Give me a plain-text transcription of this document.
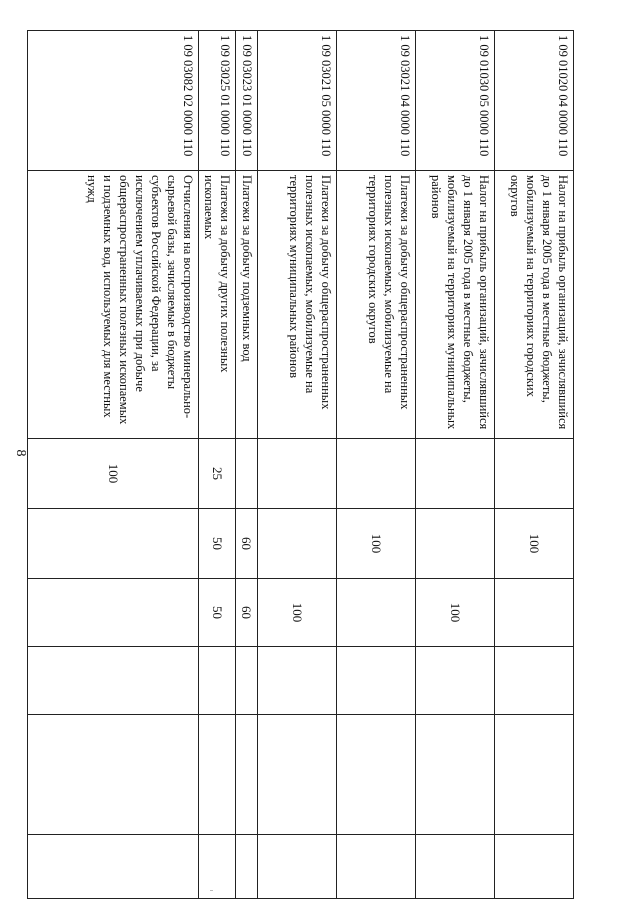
8
1 09 01020 04 0000 110	Налог на прибыль организаций, зачислявшийся до 1 января 2005 года в местные бюджеты, мобилизуемый на территориях городских округов		100				
1 09 01030 05 0000 110	Налог на прибыль организаций, зачислявшийся до 1 января 2005 года в местные бюджеты, мобилизуемый на территориях муниципальных районов			100			
1 09 03021 04 0000 110	Платежи за добычу общераспространенных полезных ископаемых, мобилизуемые на территориях городских округов		100				
1 09 03021 05 0000 110	Платежи за добычу общераспространенных полезных ископаемых, мобилизуемые на территориях муниципальных районов			100			
1 09 03023 01 0000 110	Платежи за добычу подземных вод		60	60			
1 09 03025 01 0000 110	Платежи за добычу других полезных ископаемых	25	50	50			
1 09 03082 02 0000 110	Отчисления на воспроизводство минерально-сырьевой базы, зачисляемые в бюджеты субъектов Российской Федерации, за исключением уплачиваемых при добыче общераспространенных полезных ископаемых и подземных вод, используемых для местных нужд	100					
